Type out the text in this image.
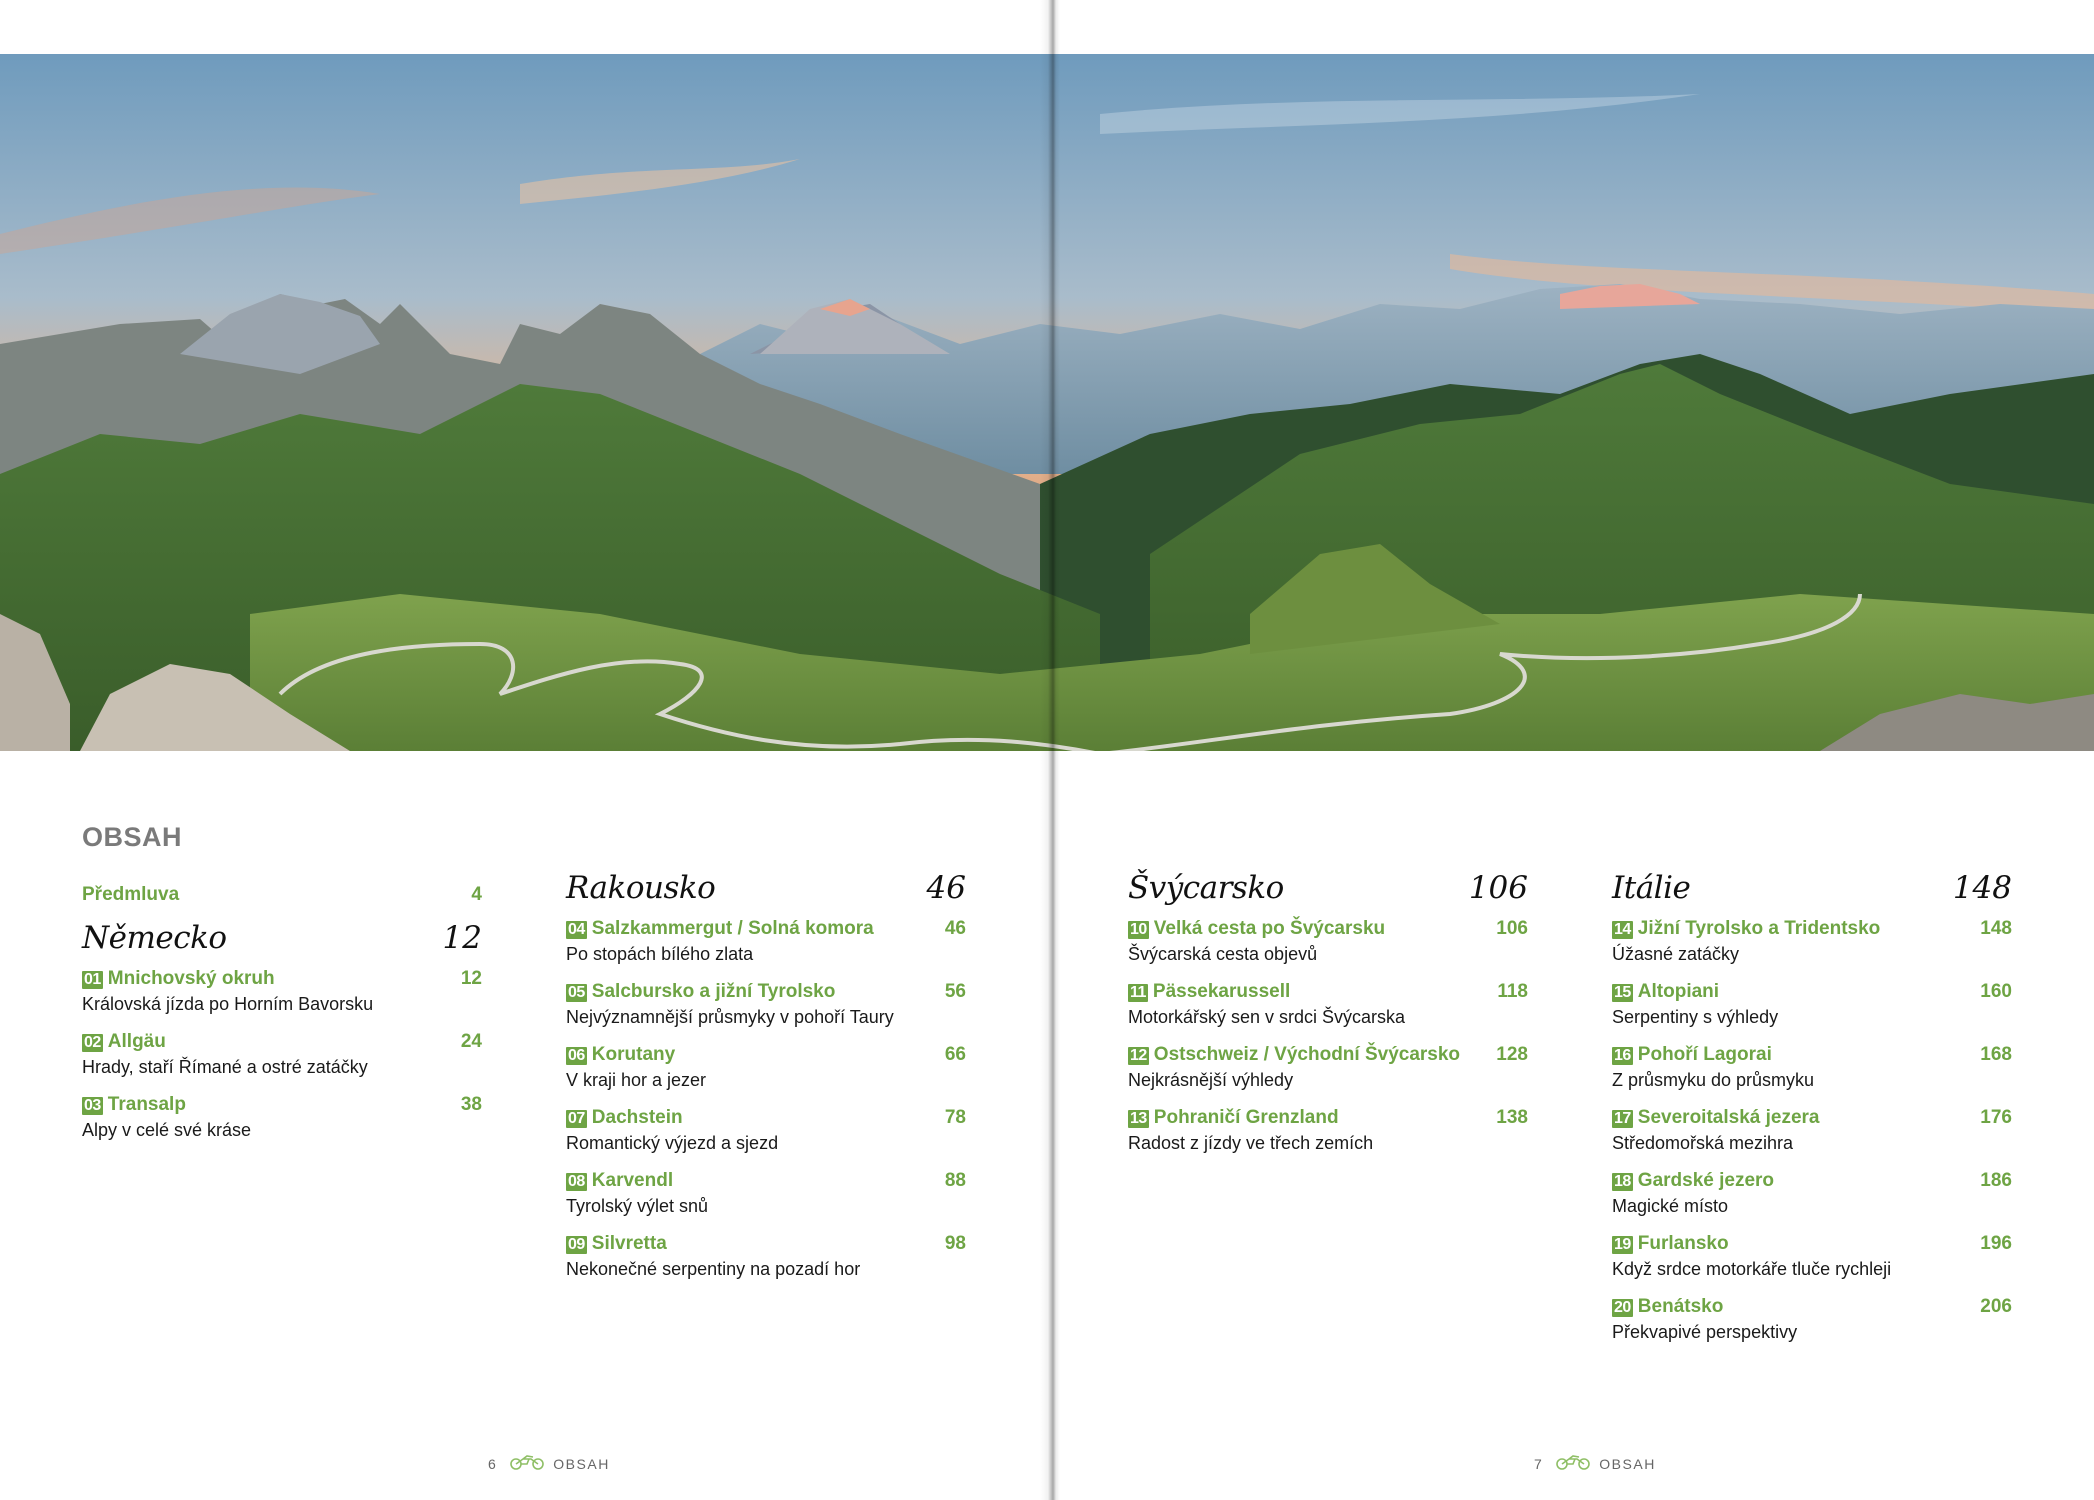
OBSAH
Předmluva	4
Německo	12
01 Mnichovský okruh	12
Královská jízda po Horním Bavorsku
02 Allgäu	24
Hrady, staří Římané a ostré zatáčky
03 Transalp	38
Alpy v celé své kráse
Rakousko	46
04 Salzkammergut / Solná komora	46
Po stopách bílého zlata
05 Salcbursko a jižní Tyrolsko	56
Nejvýznamnější průsmyky v pohoří Taury
06 Korutany	66
V kraji hor a jezer
07 Dachstein	78
Romantický výjezd a sjezd
08 Karvendl	88
Tyrolský výlet snů
09 Silvretta	98
Nekonečné serpentiny na pozadí hor
Švýcarsko	106
10 Velká cesta po Švýcarsku	106
Švýcarská cesta objevů
11 Pässekarussell	118
Motorkářský sen v srdci Švýcarska
12 Ostschweiz / Východní Švýcarsko 128
Nejkrásnější výhledy
13 Pohraničí Grenzland	138
Radost z jízdy ve třech zemích
Itálie	148
14 Jižní Tyrolsko a Tridentsko	148
Úžasné zatáčky
15 Altopiani	160
Serpentiny s výhledy
16 Pohoří Lagorai	168
Z průsmyku do průsmyku
17 Severoitalská jezera	176
Středomořská mezihra
18 Gardské jezero	186
Magické místo
19 Furlansko	196
Když srdce motorkáře tluče rychleji
20 Benátsko	206
Překvapivé perspektivy
6	OBSAH	7	OBSAH
